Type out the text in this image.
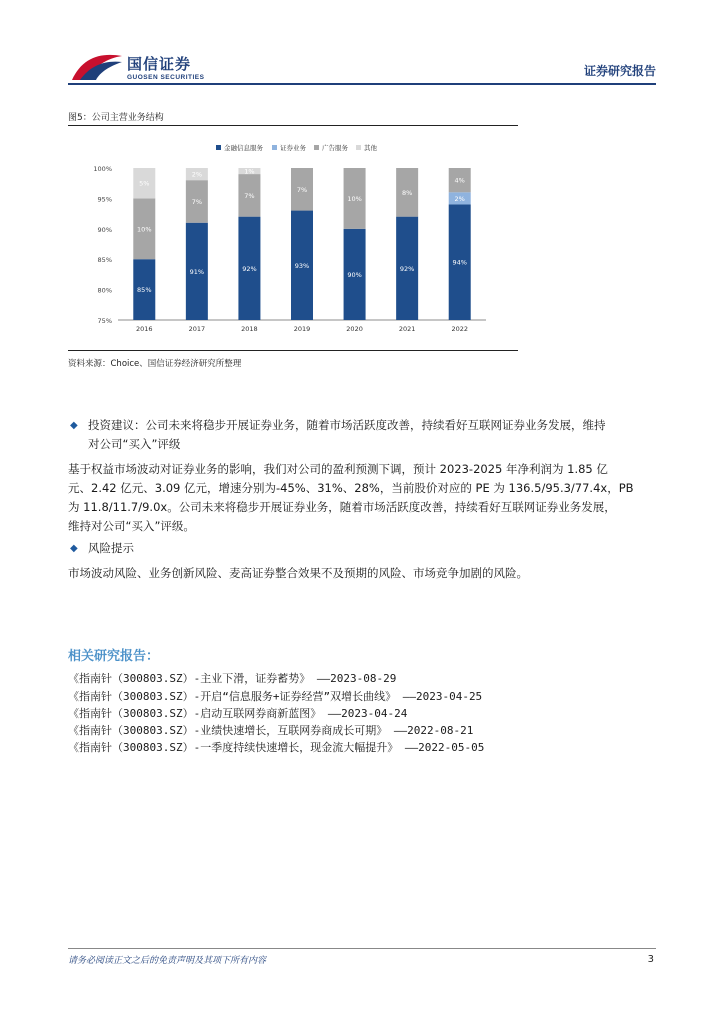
国信证券
GUOSEN SECURITIES	证券研究报告
图5：公司主营业务结构
金融信息服务	证券业务 广告服务 其他
75%
80%
85%
90%
95%
100%
85%
10%
5%
91%
7%
2%
92%
7%
1%
93%
7%
90%
10%
92%
8%
94%
2%
4%
2016	2017	2018	2019	2020	2021	2022
资料来源：Choice、国信证券经济研究所整理
◆ 投资建议：公司未来将稳步开展证券业务，随着市场活跃度改善，持续看好互联网证券业务发展，维持
对公司“买入”评级
基于权益市场波动对证券业务的影响，我们对公司的盈利预测下调，预计 2023-2025 年净利润为 1.85 亿
元、2.42 亿元、3.09 亿元，增速分别为-45%、31%、28%，当前股价对应的 PE 为 136.5/95.3/77.4x，PB
为 11.8/11.7/9.0x。公司未来将稳步开展证券业务，随着市场活跃度改善，持续看好互联网证券业务发展，
维持对公司“买入”评级。
◆ 风险提示
市场波动风险、业务创新风险、麦高证券整合效果不及预期的风险、市场竞争加剧的风险。
相关研究报告：
《指南针（300803.SZ）-主业下滑，证券蓄势》 ——2023-08-29
《指南针（300803.SZ）-开启“信息服务+证券经营”双增长曲线》 ——2023-04-25
《指南针（300803.SZ）-启动互联网券商新蓝图》 ——2023-04-24
《指南针（300803.SZ）-业绩快速增长，互联网券商成长可期》 ——2022-08-21
《指南针（300803.SZ）-一季度持续快速增长，现金流大幅提升》 ——2022-05-05
请务必阅读正文之后的免责声明及其项下所有内容	3
